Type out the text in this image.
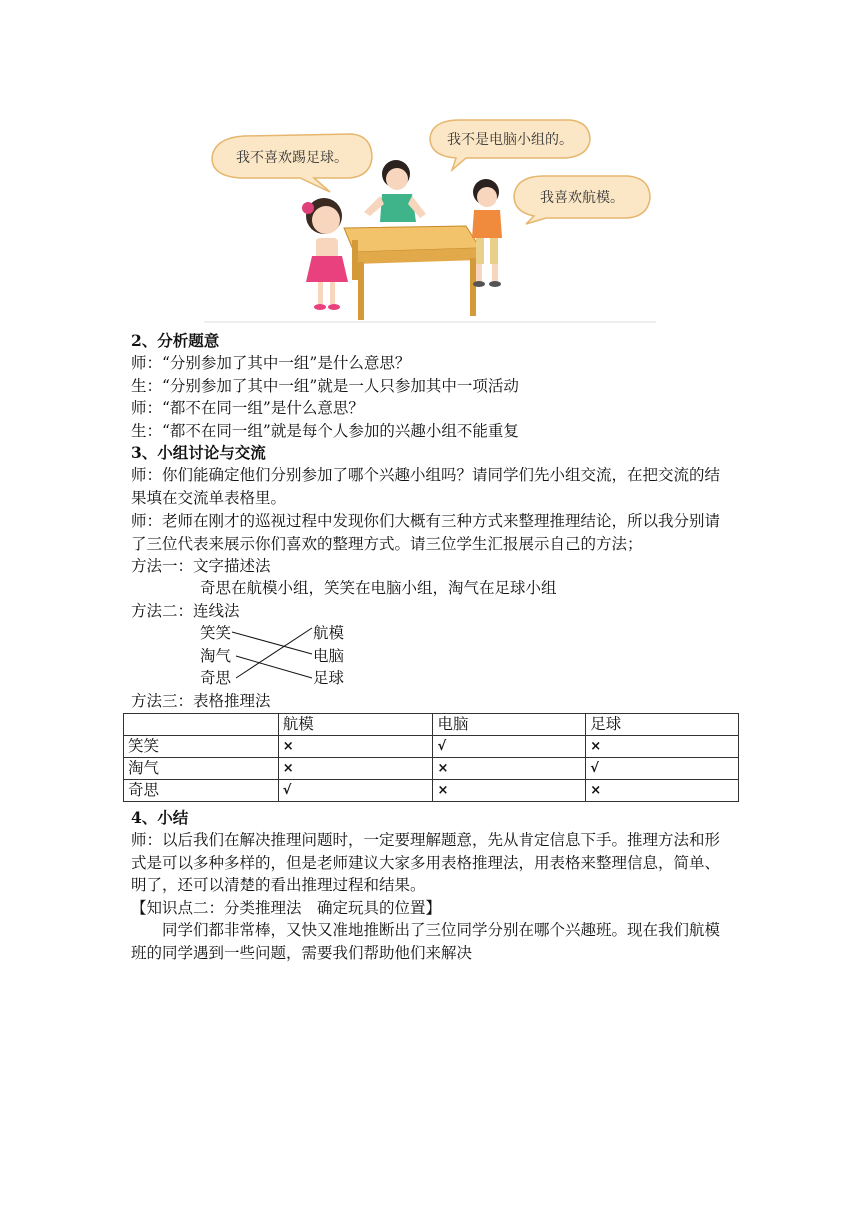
我不喜欢踢足球。
我不是电脑小组的。
我喜欢航模。
2、分析题意
师：“分别参加了其中一组”是什么意思？
生：“分别参加了其中一组”就是一人只参加其中一项活动
师：“都不在同一组”是什么意思？
生：“都不在同一组”就是每个人参加的兴趣小组不能重复
3、小组讨论与交流
师：你们能确定他们分别参加了哪个兴趣小组吗？请同学们先小组交流，在把交流的结果填在交流单表格里。
师：老师在刚才的巡视过程中发现你们大概有三种方式来整理推理结论，所以我分别请了三位代表来展示你们喜欢的整理方式。请三位学生汇报展示自己的方法；
方法一：文字描述法
奇思在航模小组，笑笑在电脑小组，淘气在足球小组
方法二：连线法
笑笑
淘气
奇思
航模
电脑
足球
方法三：表格推理法
	航模	电脑	足球
笑笑	×	√	×
淘气	×	×	√
奇思	√	×	×
4、小结
师：以后我们在解决推理问题时，一定要理解题意，先从肯定信息下手。推理方法和形式是可以多种多样的，但是老师建议大家多用表格推理法，用表格来整理信息，简单、明了，还可以清楚的看出推理过程和结果。
【知识点二：分类推理法　确定玩具的位置】
同学们都非常棒，又快又准地推断出了三位同学分别在哪个兴趣班。现在我们航模班的同学遇到一些问题，需要我们帮助他们来解决
